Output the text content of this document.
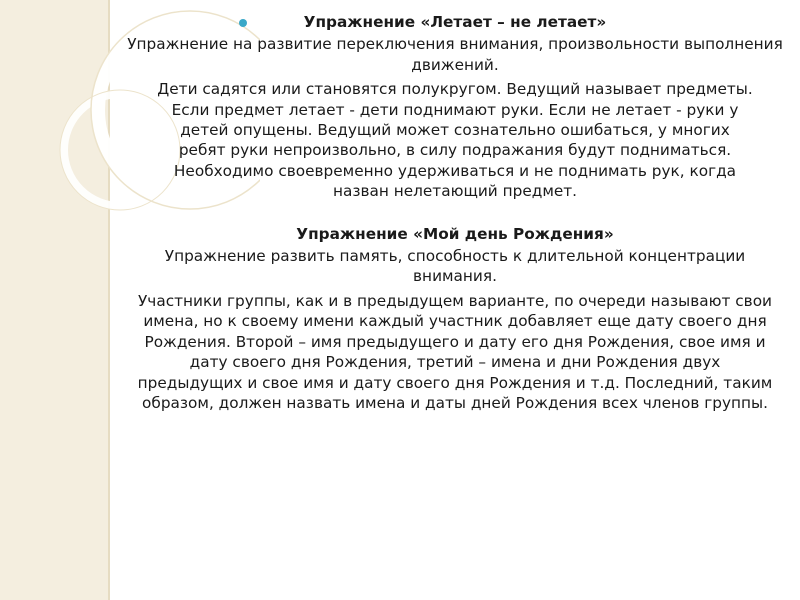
Упражнение «Летает – не летает»

Упражнение на развитие переключения внимания, произвольности выполнения движений.

Дети садятся или становятся полукругом. Ведущий называет предметы. Если предмет летает - дети поднимают руки. Если не летает - руки у детей опущены. Ведущий может сознательно ошибаться, у многих ребят руки непроизвольно, в силу подражания будут подниматься. Необходимо своевременно удерживаться и не поднимать рук, когда назван нелетающий предмет.

Упражнение «Мой день Рождения»

Упражнение развить память, способность к длительной концентрации внимания.

Участники группы, как и в предыдущем варианте, по очереди называют свои имена, но к своему имени каждый участник добавляет еще дату своего дня Рождения. Второй – имя предыдущего и дату его дня Рождения, свое имя и дату своего дня Рождения, третий – имена и дни Рождения двух предыдущих и свое имя и дату своего дня Рождения и т.д. Последний, таким образом, должен назвать имена и даты дней Рождения всех членов группы.
